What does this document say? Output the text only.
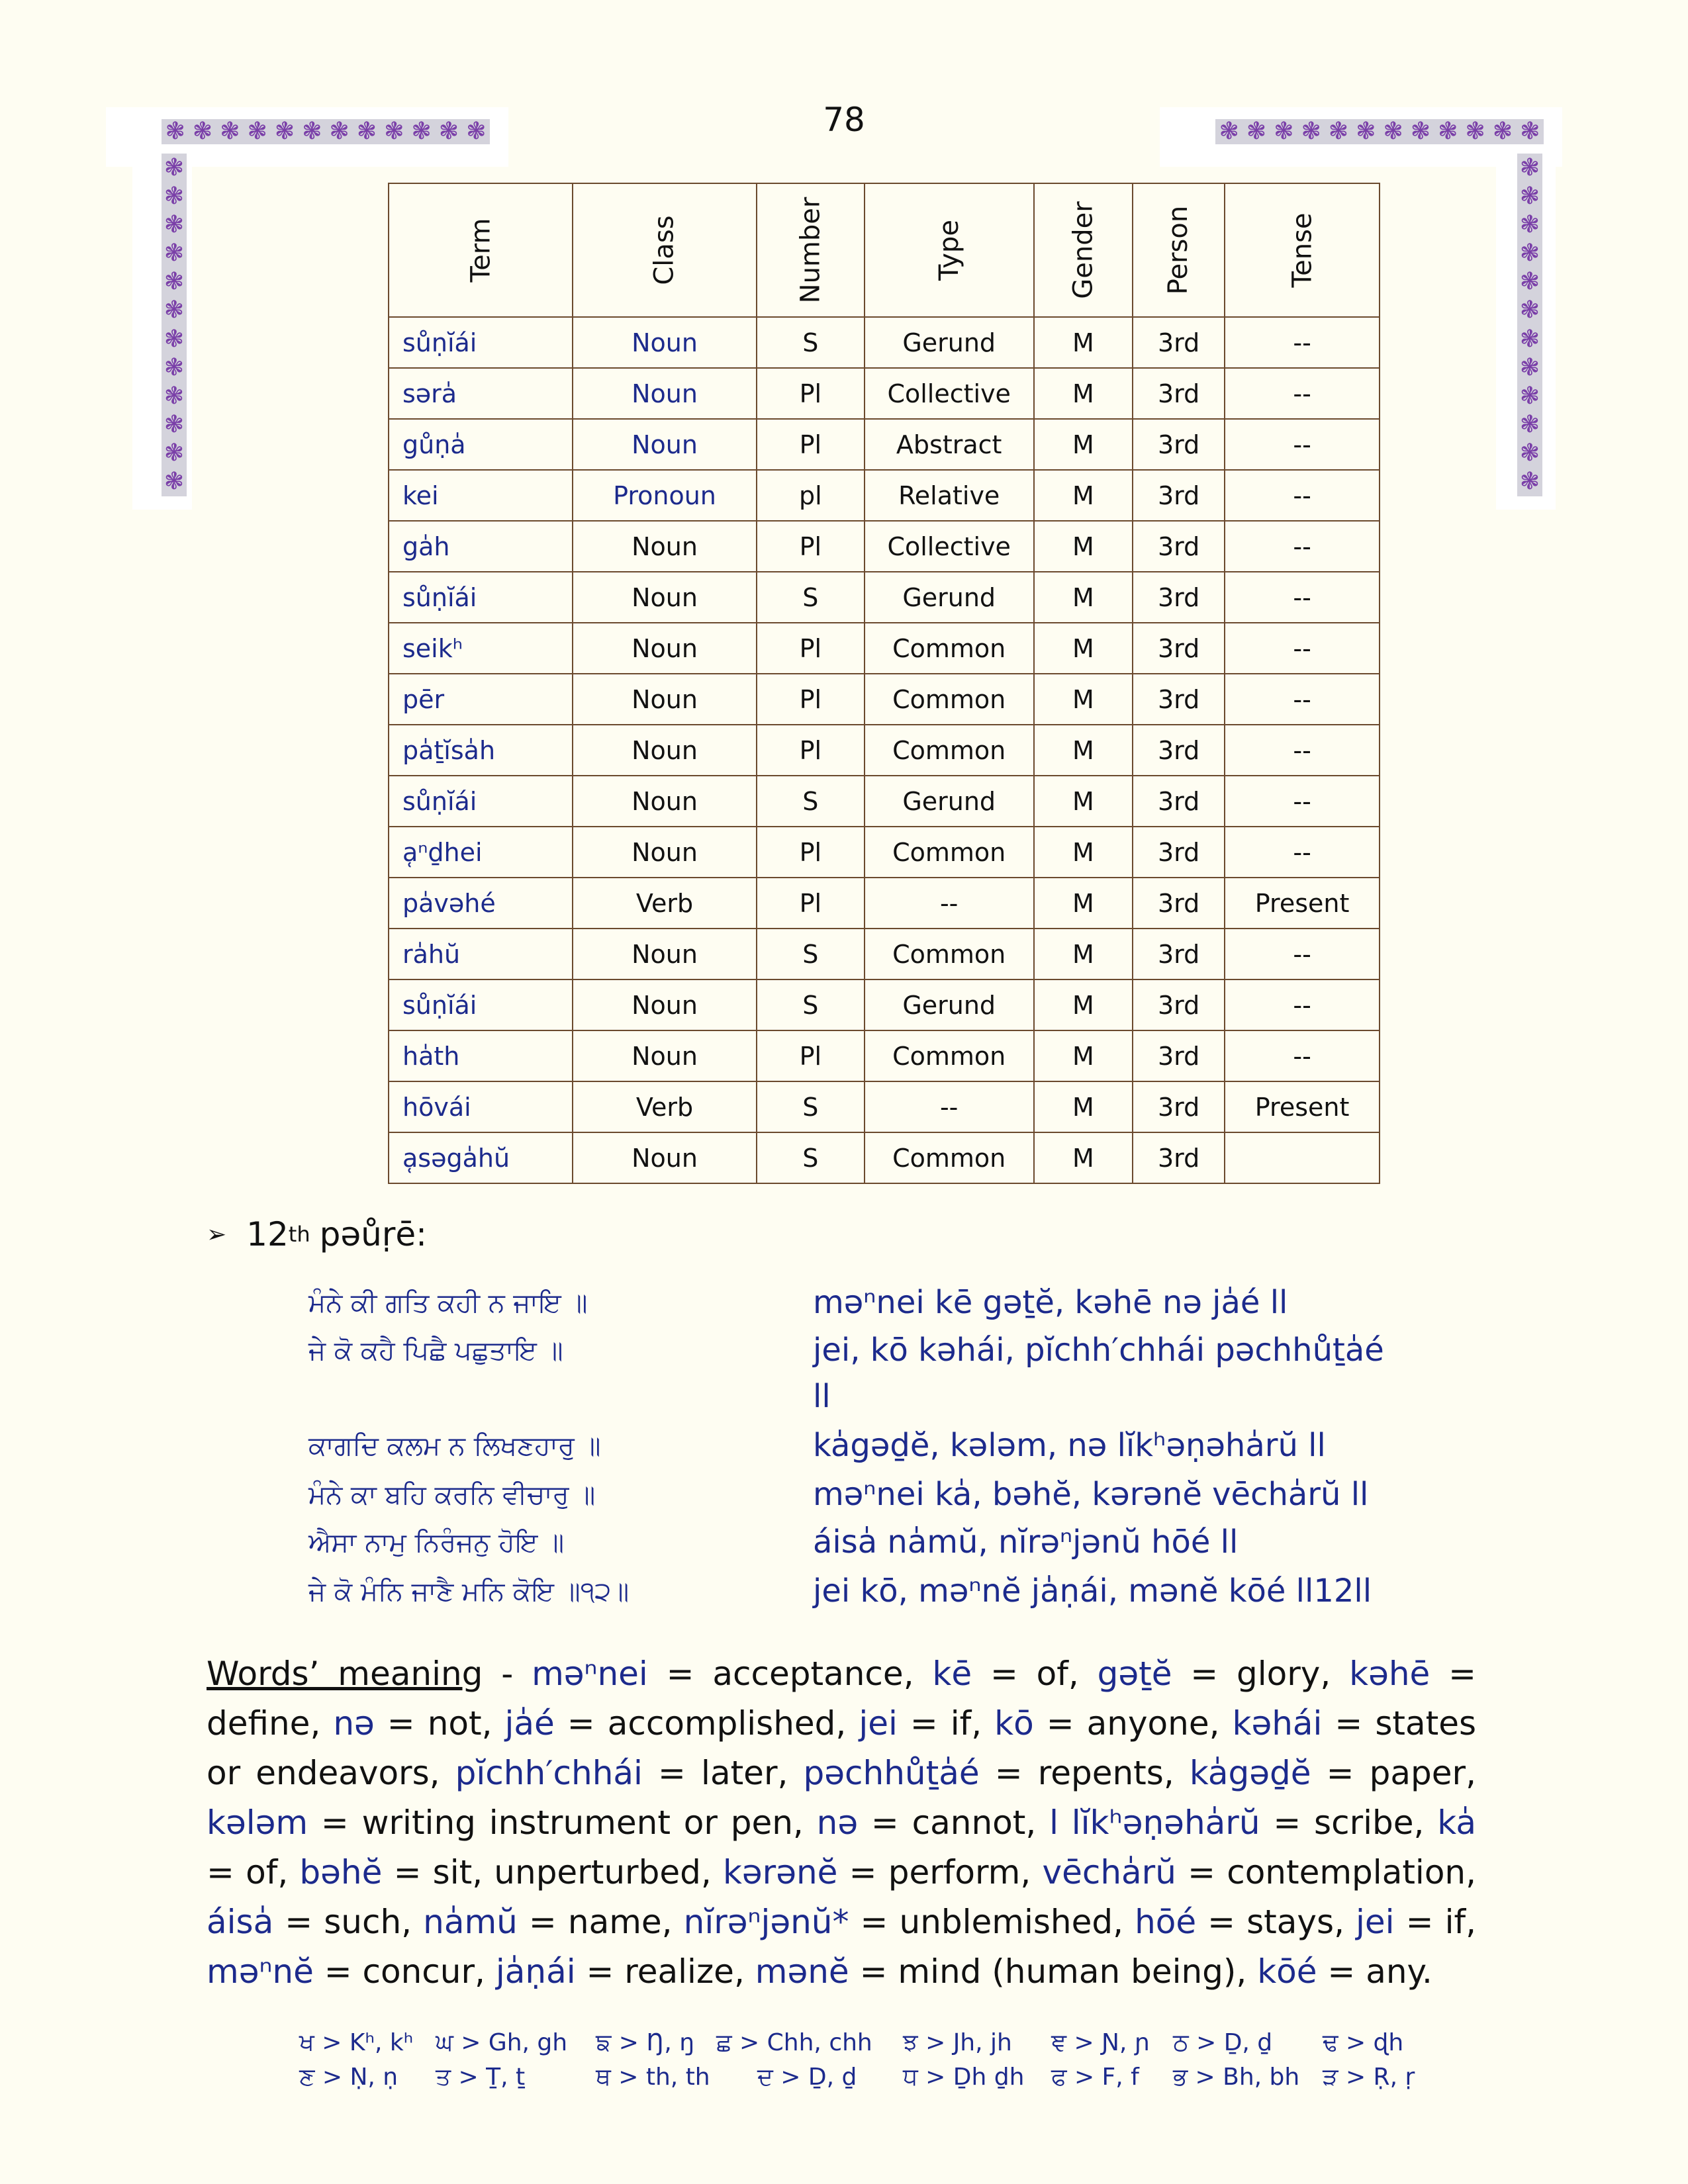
❃ ❃ ❃ ❃ ❃ ❃ ❃ ❃ ❃ ❃ ❃ ❃
❃
❃
❃
❃
❃
❃
❃
❃
❃
❃
❃
❃
❃ ❃ ❃ ❃ ❃ ❃ ❃ ❃ ❃ ❃ ❃ ❃
❃
❃
❃
❃
❃
❃
❃
❃
❃
❃
❃
❃
78
Term	Class	Number	Type	Gender	Person	Tense
sůṇĭái	Noun	S	Gerund	M	3rd	--
səra̍	Noun	Pl	Collective	M	3rd	--
gůṇa̍	Noun	Pl	Abstract	M	3rd	--
kei	Pronoun	pl	Relative	M	3rd	--
ga̍h	Noun	Pl	Collective	M	3rd	--
sůṇĭái	Noun	S	Gerund	M	3rd	--
seikʰ	Noun	Pl	Common	M	3rd	--
pēr	Noun	Pl	Common	M	3rd	--
pa̍ṯĭsa̍h	Noun	Pl	Common	M	3rd	--
sůṇĭái	Noun	S	Gerund	M	3rd	--
a̜ⁿḏhei	Noun	Pl	Common	M	3rd	--
pa̍vəhé	Verb	Pl	--	M	3rd	Present
ra̍hŭ	Noun	S	Common	M	3rd	--
sůṇĭái	Noun	S	Gerund	M	3rd	--
ha̍th	Noun	Pl	Common	M	3rd	--
hōvái	Verb	S	--	M	3rd	Present
a̜səga̍hŭ	Noun	S	Common	M	3rd	
➢ 12 th pəůṛē:
ਮੰਨੇ ਕੀ ਗਤਿ ਕਹੀ ਨ ਜਾਇ ॥	məⁿnei kē gəṯĕ, kəhē nə ja̍é ll
ਜੇ ਕੋ ਕਹੈ ਪਿਛੈ ਪਛੁਤਾਇ ॥	jei, kō kəhái, pĭchh′chhái pəchhůṯa̍é
ll
ਕਾਗਦਿ ਕਲਮ ਨ ਲਿਖਣਹਾਰੁ ॥	ka̍gəḏĕ, kələm, nə lĭkʰəṇəha̍rŭ ll
ਮੰਨੇ ਕਾ ਬਹਿ ਕਰਨਿ ਵੀਚਾਰੁ ॥	məⁿnei ka̍, bəhĕ, kərənĕ vēcha̍rŭ ll
ਐਸਾ ਨਾਮੁ ਨਿਰੰਜਨੁ ਹੋਇ ॥	áisa̍ na̍mŭ, nĭrəⁿjənŭ hōé ll
ਜੇ ਕੋ ਮੰਨਿ ਜਾਣੈ ਮਨਿ ਕੋਇ ॥੧੨॥	jei kō, məⁿnĕ ja̍ṇái, mənĕ kōé ll12ll
Words’ meaning - məⁿnei = acceptance, kē = of, gəṯĕ = glory, kəhē = define, nə = not, ja̍é = accomplished, jei = if, kō = anyone, kəhái = states or endeavors, pĭchh′chhái = later, pəchhůṯa̍é = repents, ka̍gəḏĕ = paper, kələm = writing instrument or pen, nə = cannot, l lĭkʰəṇəha̍rŭ = scribe, ka̍ = of, bəhĕ = sit, unperturbed, kərənĕ = perform, vēcha̍rŭ = contemplation, áisa̍ = such, na̍mŭ = name, nĭrəⁿjənŭ* = unblemished, hōé = stays, jei = if, məⁿnĕ = concur, ja̍ṇái = realize, mənĕ = mind (human being), kōé = any.
ਖ > Kʰ, kʰ ਘ > Gh, gh	ਙ > Ŋ, ŋ ਛ > Chh, chh	ਝ > Jh, jh	ਞ > Ɲ, ɲ ਠ > Ḏ, ḏ	ਢ > ɖh
ਣ > Ṇ, ṇ	ਤ > Ṯ, ṯ	ਥ > th, th	ਦ > Ḏ, ḏ	ਧ > Ḏh ḏh	ਫ > F, f	ਭ > Bh, bh ੜ > Ṛ, ṛ
